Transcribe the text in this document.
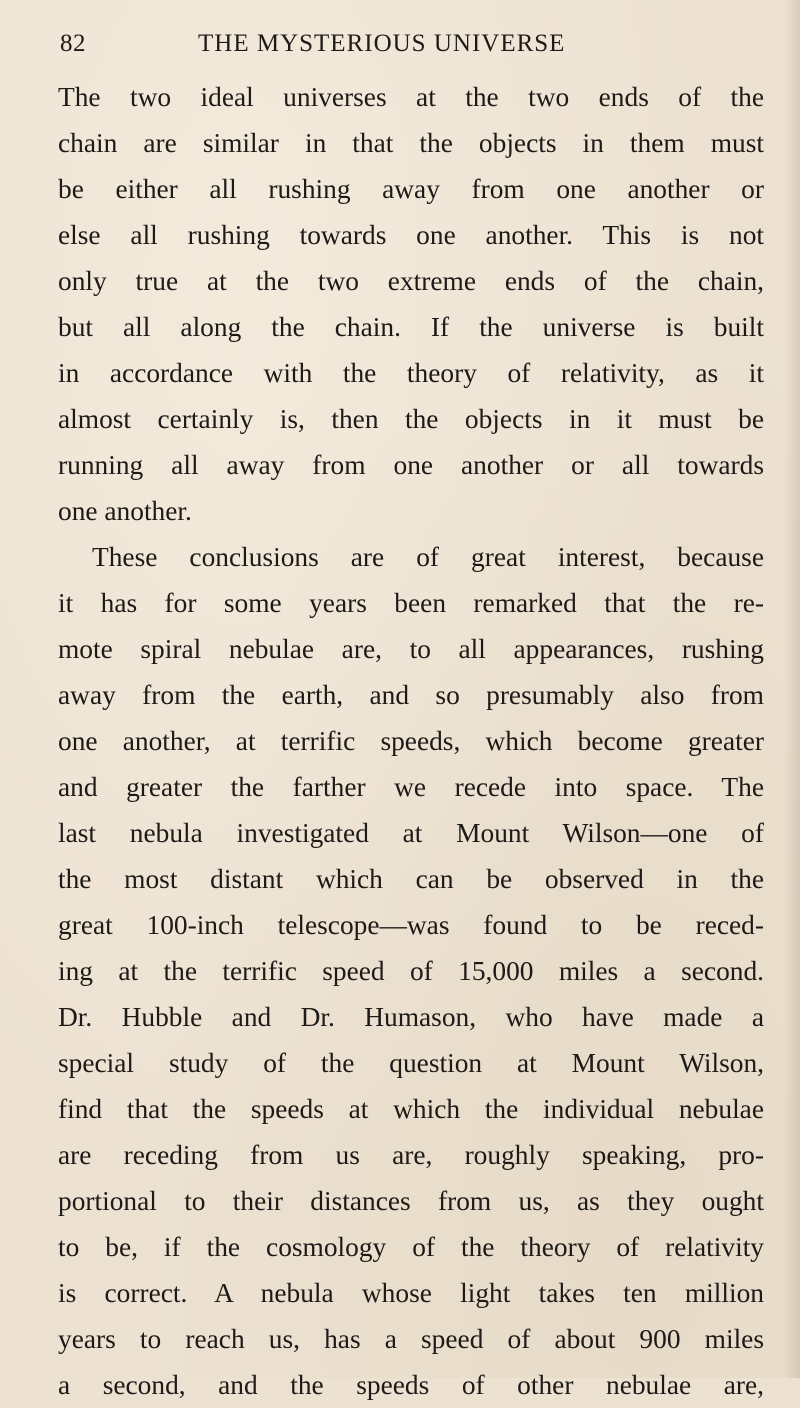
82	THE MYSTERIOUS UNIVERSE
The two ideal universes at the two ends of the
chain are similar in that the objects in them must
be either all rushing away from one another or
else all rushing towards one another. This is not
only true at the two extreme ends of the chain,
but all along the chain. If the universe is built
in accordance with the theory of relativity, as it
almost certainly is, then the objects in it must be
running all away from one another or all towards
one another.
These conclusions are of great interest, because
it has for some years been remarked that the re-
mote spiral nebulae are, to all appearances, rushing
away from the earth, and so presumably also from
one another, at terrific speeds, which become greater
and greater the farther we recede into space. The
last nebula investigated at Mount Wilson—one of
the most distant which can be observed in the
great 100-inch telescope—was found to be reced-
ing at the terrific speed of 15,000 miles a second.
Dr. Hubble and Dr. Humason, who have made a
special study of the question at Mount Wilson,
find that the speeds at which the individual nebulae
are receding from us are, roughly speaking, pro-
portional to their distances from us, as they ought
to be, if the cosmology of the theory of relativity
is correct. A nebula whose light takes ten million
years to reach us, has a speed of about 900 miles
a second, and the speeds of other nebulae are,
